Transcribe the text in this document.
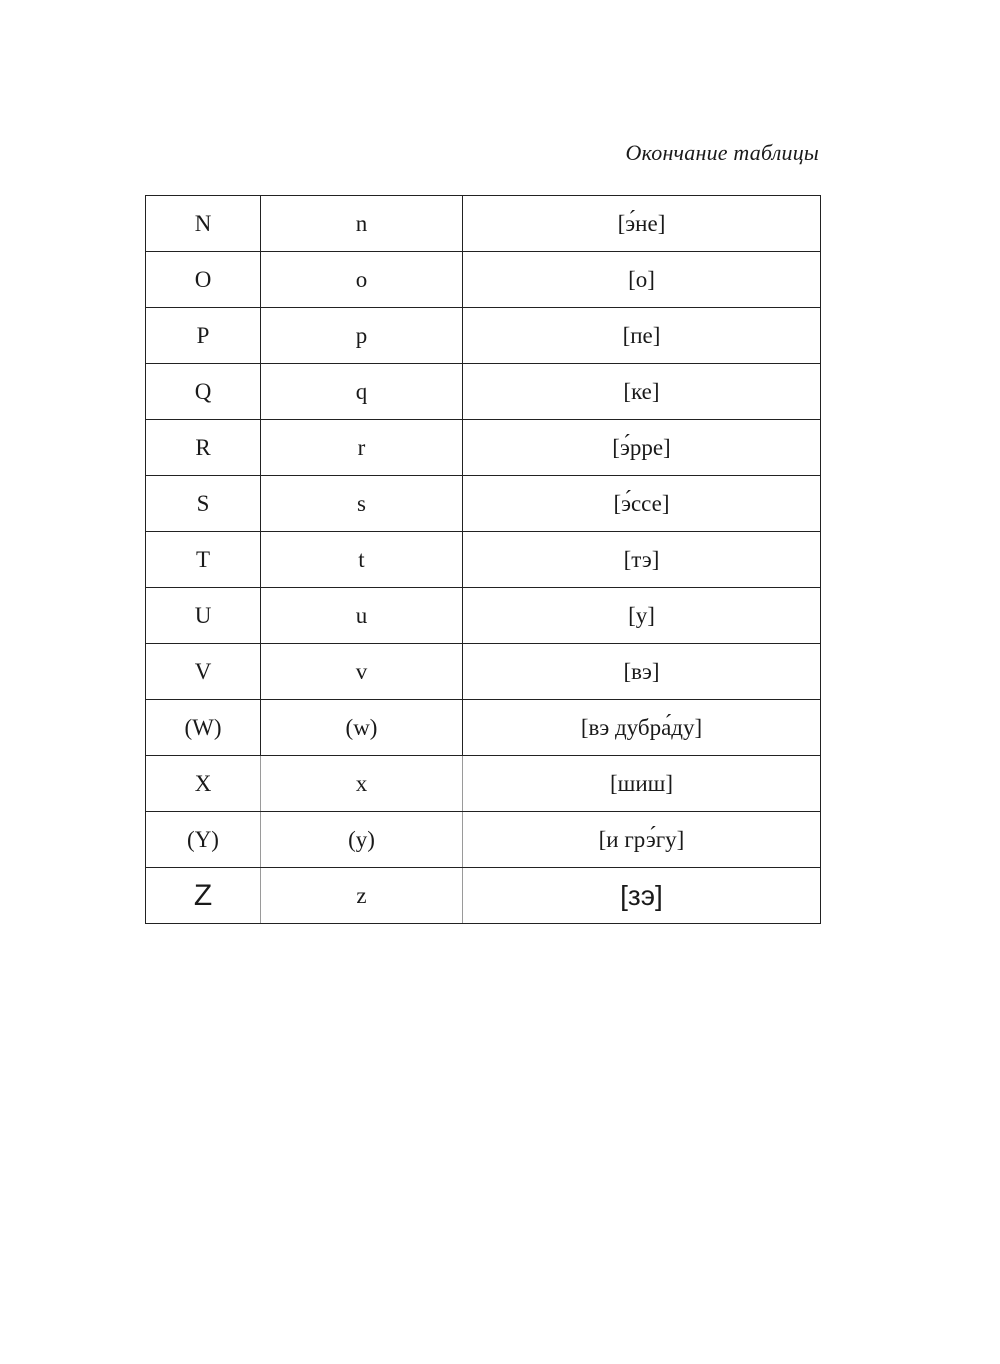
Окончание таблицы
N	n	[э́не]
O	o	[о]
P	p	[пе]
Q	q	[ке]
R	r	[э́рре]
S	s	[э́ссе]
T	t	[тэ]
U	u	[у]
V	v	[вэ]
(W)	(w)	[вэ дубра́ду]
X	x	[шиш]
(Y)	(y)	[и грэ́гу]
Z	z	[зэ]
